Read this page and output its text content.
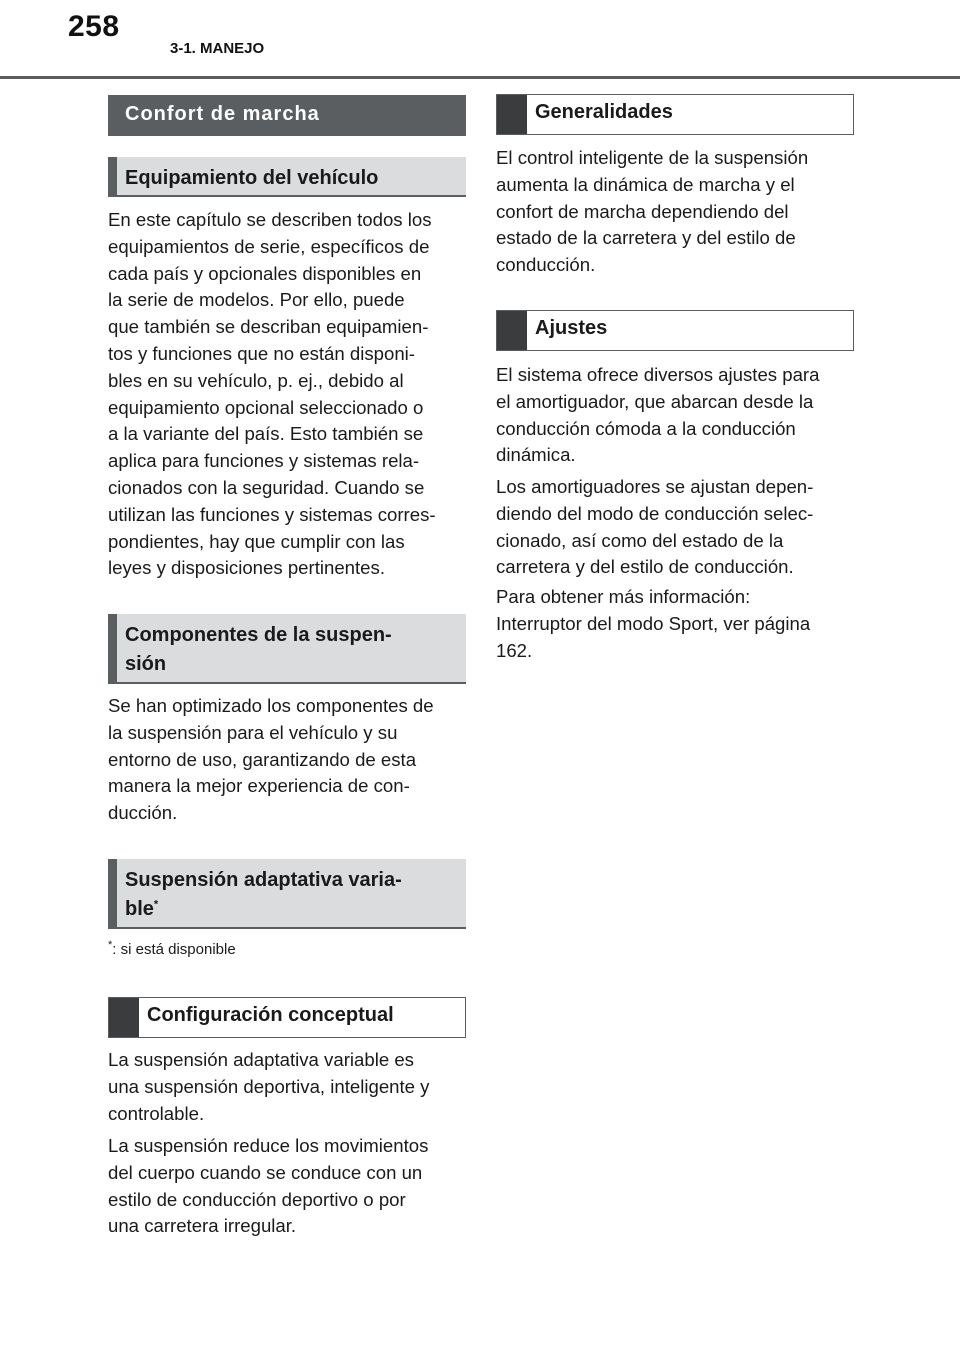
258
3-1. MANEJO
Confort de marcha
Equipamiento del vehículo

En este capítulo se describen todos los
equipamientos de serie, específicos de
cada país y opcionales disponibles en
la serie de modelos. Por ello, puede
que también se describan equipamien-
tos y funciones que no están disponi-
bles en su vehículo, p. ej., debido al
equipamiento opcional seleccionado o
a la variante del país. Esto también se
aplica para funciones y sistemas rela-
cionados con la seguridad. Cuando se
utilizan las funciones y sistemas corres-
pondientes, hay que cumplir con las
leyes y disposiciones pertinentes.

Componentes de la suspen-
sión

Se han optimizado los componentes de
la suspensión para el vehículo y su
entorno de uso, garantizando de esta
manera la mejor experiencia de con-
ducción.

Suspensión adaptativa varia-
ble*
*: si está disponible
Configuración conceptual

La suspensión adaptativa variable es
una suspensión deportiva, inteligente y
controlable.

La suspensión reduce los movimientos
del cuerpo cuando se conduce con un
estilo de conducción deportivo o por
una carretera irregular.

Generalidades

El control inteligente de la suspensión
aumenta la dinámica de marcha y el
confort de marcha dependiendo del
estado de la carretera y del estilo de
conducción.

Ajustes

El sistema ofrece diversos ajustes para
el amortiguador, que abarcan desde la
conducción cómoda a la conducción
dinámica.

Los amortiguadores se ajustan depen-
diendo del modo de conducción selec-
cionado, así como del estado de la
carretera y del estilo de conducción.

Para obtener más información:
Interruptor del modo Sport, ver página
162.
